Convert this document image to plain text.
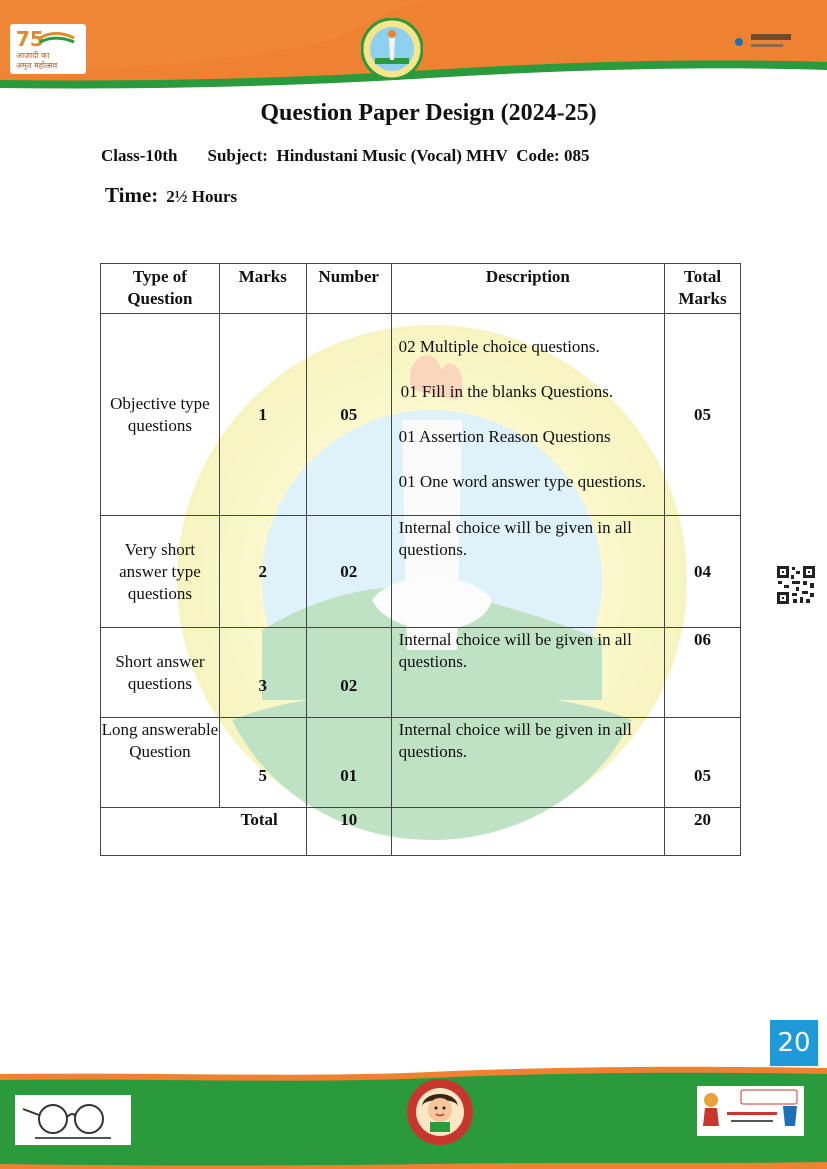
75
आज़ादी का
अमृत महोत्सव
Question Paper Design (2024-25)
Class-10th Subject: Hindustani Music (Vocal) MHV Code: 085
Time: 2½ Hours
Type of Question	Marks	Number	Description	Total Marks
Objective type questions	1	05	02 Multiple choice questions.
01 Fill in the blanks Questions.
01 Assertion Reason Questions
01 One word answer type questions.	05
Very short answer type questions	2	02	Internal choice will be given in all questions.	04
Short answer questions	3	02	Internal choice will be given in all questions.	06
Long answerable Question	5	01	Internal choice will be given in all questions.	05
Total		10		20
20
